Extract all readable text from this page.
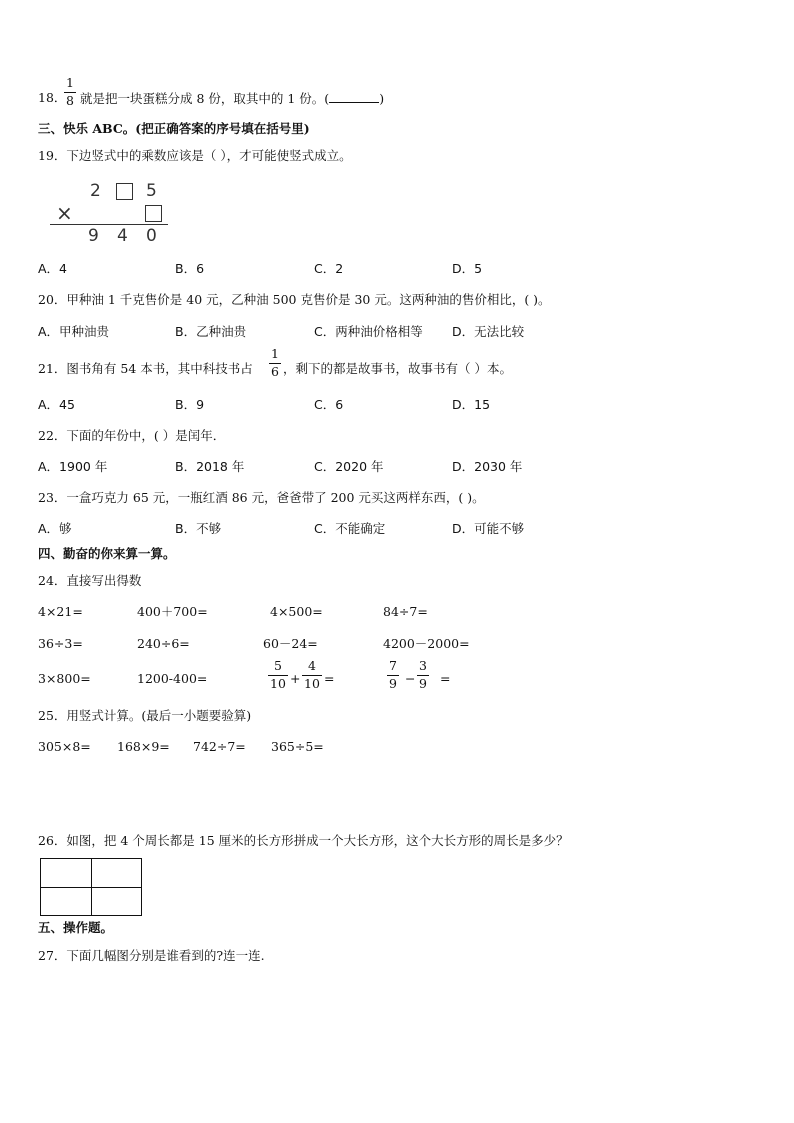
18．
1
8 就是把一块蛋糕分成 8 份，取其中的 1 份。(	)
三、快乐 ABC。(把正确答案的序号填在括号里)
19．下边竖式中的乘数应该是（ ），才可能使竖式成立。
2	5
×
9 4 0
A．4	B．6	C．2	D．5
20．甲种油 1 千克售价是 40 元，乙种油 500 克售价是 30 元。这两种油的售价相比，( )。
A．甲种油贵	B．乙种油贵	C．两种油价格相等 D．无法比较
21．图书角有 54 本书，其中科技书占
1
6 ，剩下的都是故事书，故事书有（ ）本。
A．45	B．9	C．6	D．15
22．下面的年份中，( ）是闰年．
A．1900 年	B．2018 年	C．2020 年	D．2030 年
23．一盒巧克力 65 元，一瓶红酒 86 元，爸爸带了 200 元买这两样东西，( )。
A．够	B．不够	C．不能确定	D．可能不够
四、勤奋的你来算一算。
24．直接写出得数
4×21=	400＋700=	4×500=	84÷7=
36÷3=	240÷6=	60－24=	4200－2000=
3×800=	1200-400=
5
10 +
4
10 =
7
9 −
3
9 =
25．用竖式计算。(最后一小题要验算)
305×8= 168×9= 742÷7= 365÷5=
26．如图，把 4 个周长都是 15 厘米的长方形拼成一个大长方形，这个大长方形的周长是多少？
五、操作题。
27．下面几幅图分别是谁看到的?连一连.
